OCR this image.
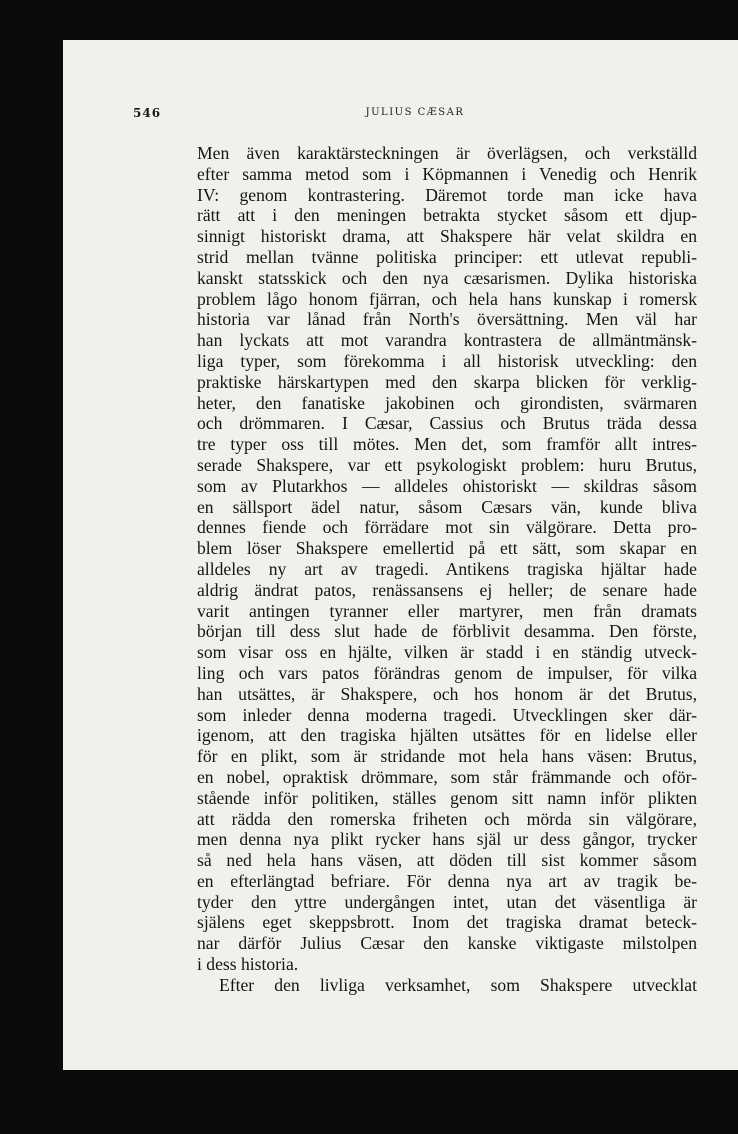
546	JULIUS CÆSAR
Men även karaktärsteckningen är överlägsen, och verkställd
efter samma metod som i Köpmannen i Venedig och Henrik
IV: genom kontrastering. Däremot torde man icke hava
rätt att i den meningen betrakta stycket såsom ett djup-
sinnigt historiskt drama, att Shakspere här velat skildra en
strid mellan tvänne politiska principer: ett utlevat republi-
kanskt statsskick och den nya cæsarismen. Dylika historiska
problem lågo honom fjärran, och hela hans kunskap i romersk
historia var lånad från North's översättning. Men väl har
han lyckats att mot varandra kontrastera de allmäntmänsk-
liga typer, som förekomma i all historisk utveckling: den
praktiske härskartypen med den skarpa blicken för verklig-
heter, den fanatiske jakobinen och girondisten, svärmaren
och drömmaren. I Cæsar, Cassius och Brutus träda dessa
tre typer oss till mötes. Men det, som framför allt intres-
serade Shakspere, var ett psykologiskt problem: huru Brutus,
som av Plutarkhos — alldeles ohistoriskt — skildras såsom
en sällsport ädel natur, såsom Cæsars vän, kunde bliva
dennes fiende och förrädare mot sin välgörare. Detta pro-
blem löser Shakspere emellertid på ett sätt, som skapar en
alldeles ny art av tragedi. Antikens tragiska hjältar hade
aldrig ändrat patos, renässansens ej heller; de senare hade
varit antingen tyranner eller martyrer, men från dramats
början till dess slut hade de förblivit desamma. Den förste,
som visar oss en hjälte, vilken är stadd i en ständig utveck-
ling och vars patos förändras genom de impulser, för vilka
han utsättes, är Shakspere, och hos honom är det Brutus,
som inleder denna moderna tragedi. Utvecklingen sker där-
igenom, att den tragiska hjälten utsättes för en lidelse eller
för en plikt, som är stridande mot hela hans väsen: Brutus,
en nobel, opraktisk drömmare, som står främmande och oför-
stående inför politiken, ställes genom sitt namn inför plikten
att rädda den romerska friheten och mörda sin välgörare,
men denna nya plikt rycker hans själ ur dess gångor, trycker
så ned hela hans väsen, att döden till sist kommer såsom
en efterlängtad befriare. För denna nya art av tragik be-
tyder den yttre undergången intet, utan det väsentliga är
själens eget skeppsbrott. Inom det tragiska dramat beteck-
nar därför Julius Cæsar den kanske viktigaste milstolpen
i dess historia.
Efter den livliga verksamhet, som Shakspere utvecklat
